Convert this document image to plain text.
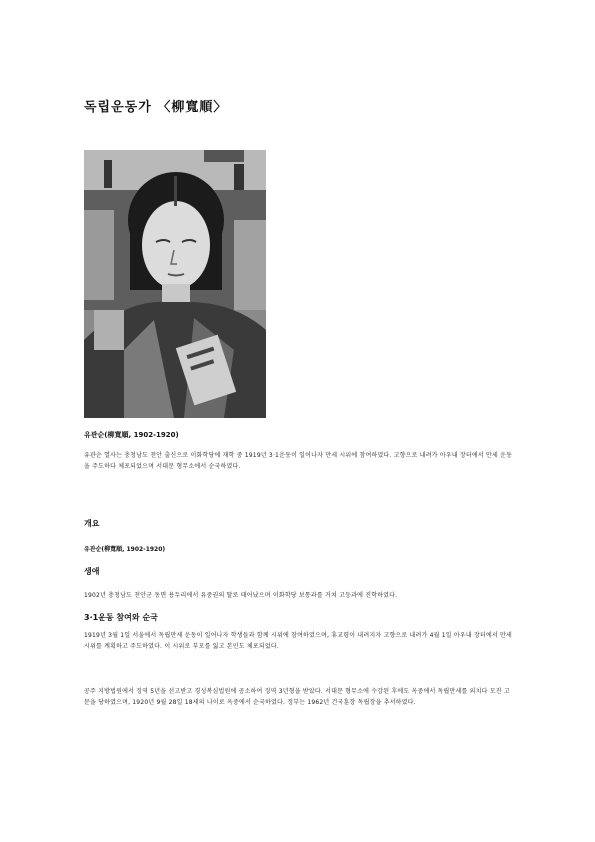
독립운동가 〈柳寬順〉
유관순(柳寬順, 1902-1920)
유관순 열사는 충청남도 천안 출신으로 이화학당에 재학 중 1919년 3·1운동이 일어나자 만세 시위에 참여하였다. 고향으로 내려가 아우내 장터에서 만세 운동을 주도하다 체포되었으며 서대문 형무소에서 순국하였다.
개요
유관순(柳寬順, 1902-1920)
생애
1902년 충청남도 천안군 동면 용두리에서 유중권의 딸로 태어났으며 이화학당 보통과를 거쳐 고등과에 진학하였다.
3·1운동 참여와 순국
1919년 3월 1일 서울에서 독립만세 운동이 일어나자 학생들과 함께 시위에 참여하였으며, 휴교령이 내려지자 고향으로 내려가 4월 1일 아우내 장터에서 만세 시위를 계획하고 주도하였다. 이 시위로 부모를 잃고 본인도 체포되었다.
공주 지방법원에서 징역 5년을 선고받고 경성복심법원에 공소하여 징역 3년형을 받았다. 서대문 형무소에 수감된 후에도 옥중에서 독립만세를 외치다 모진 고문을 당하였으며, 1920년 9월 28일 18세의 나이로 옥중에서 순국하였다. 정부는 1962년 건국훈장 독립장을 추서하였다.
